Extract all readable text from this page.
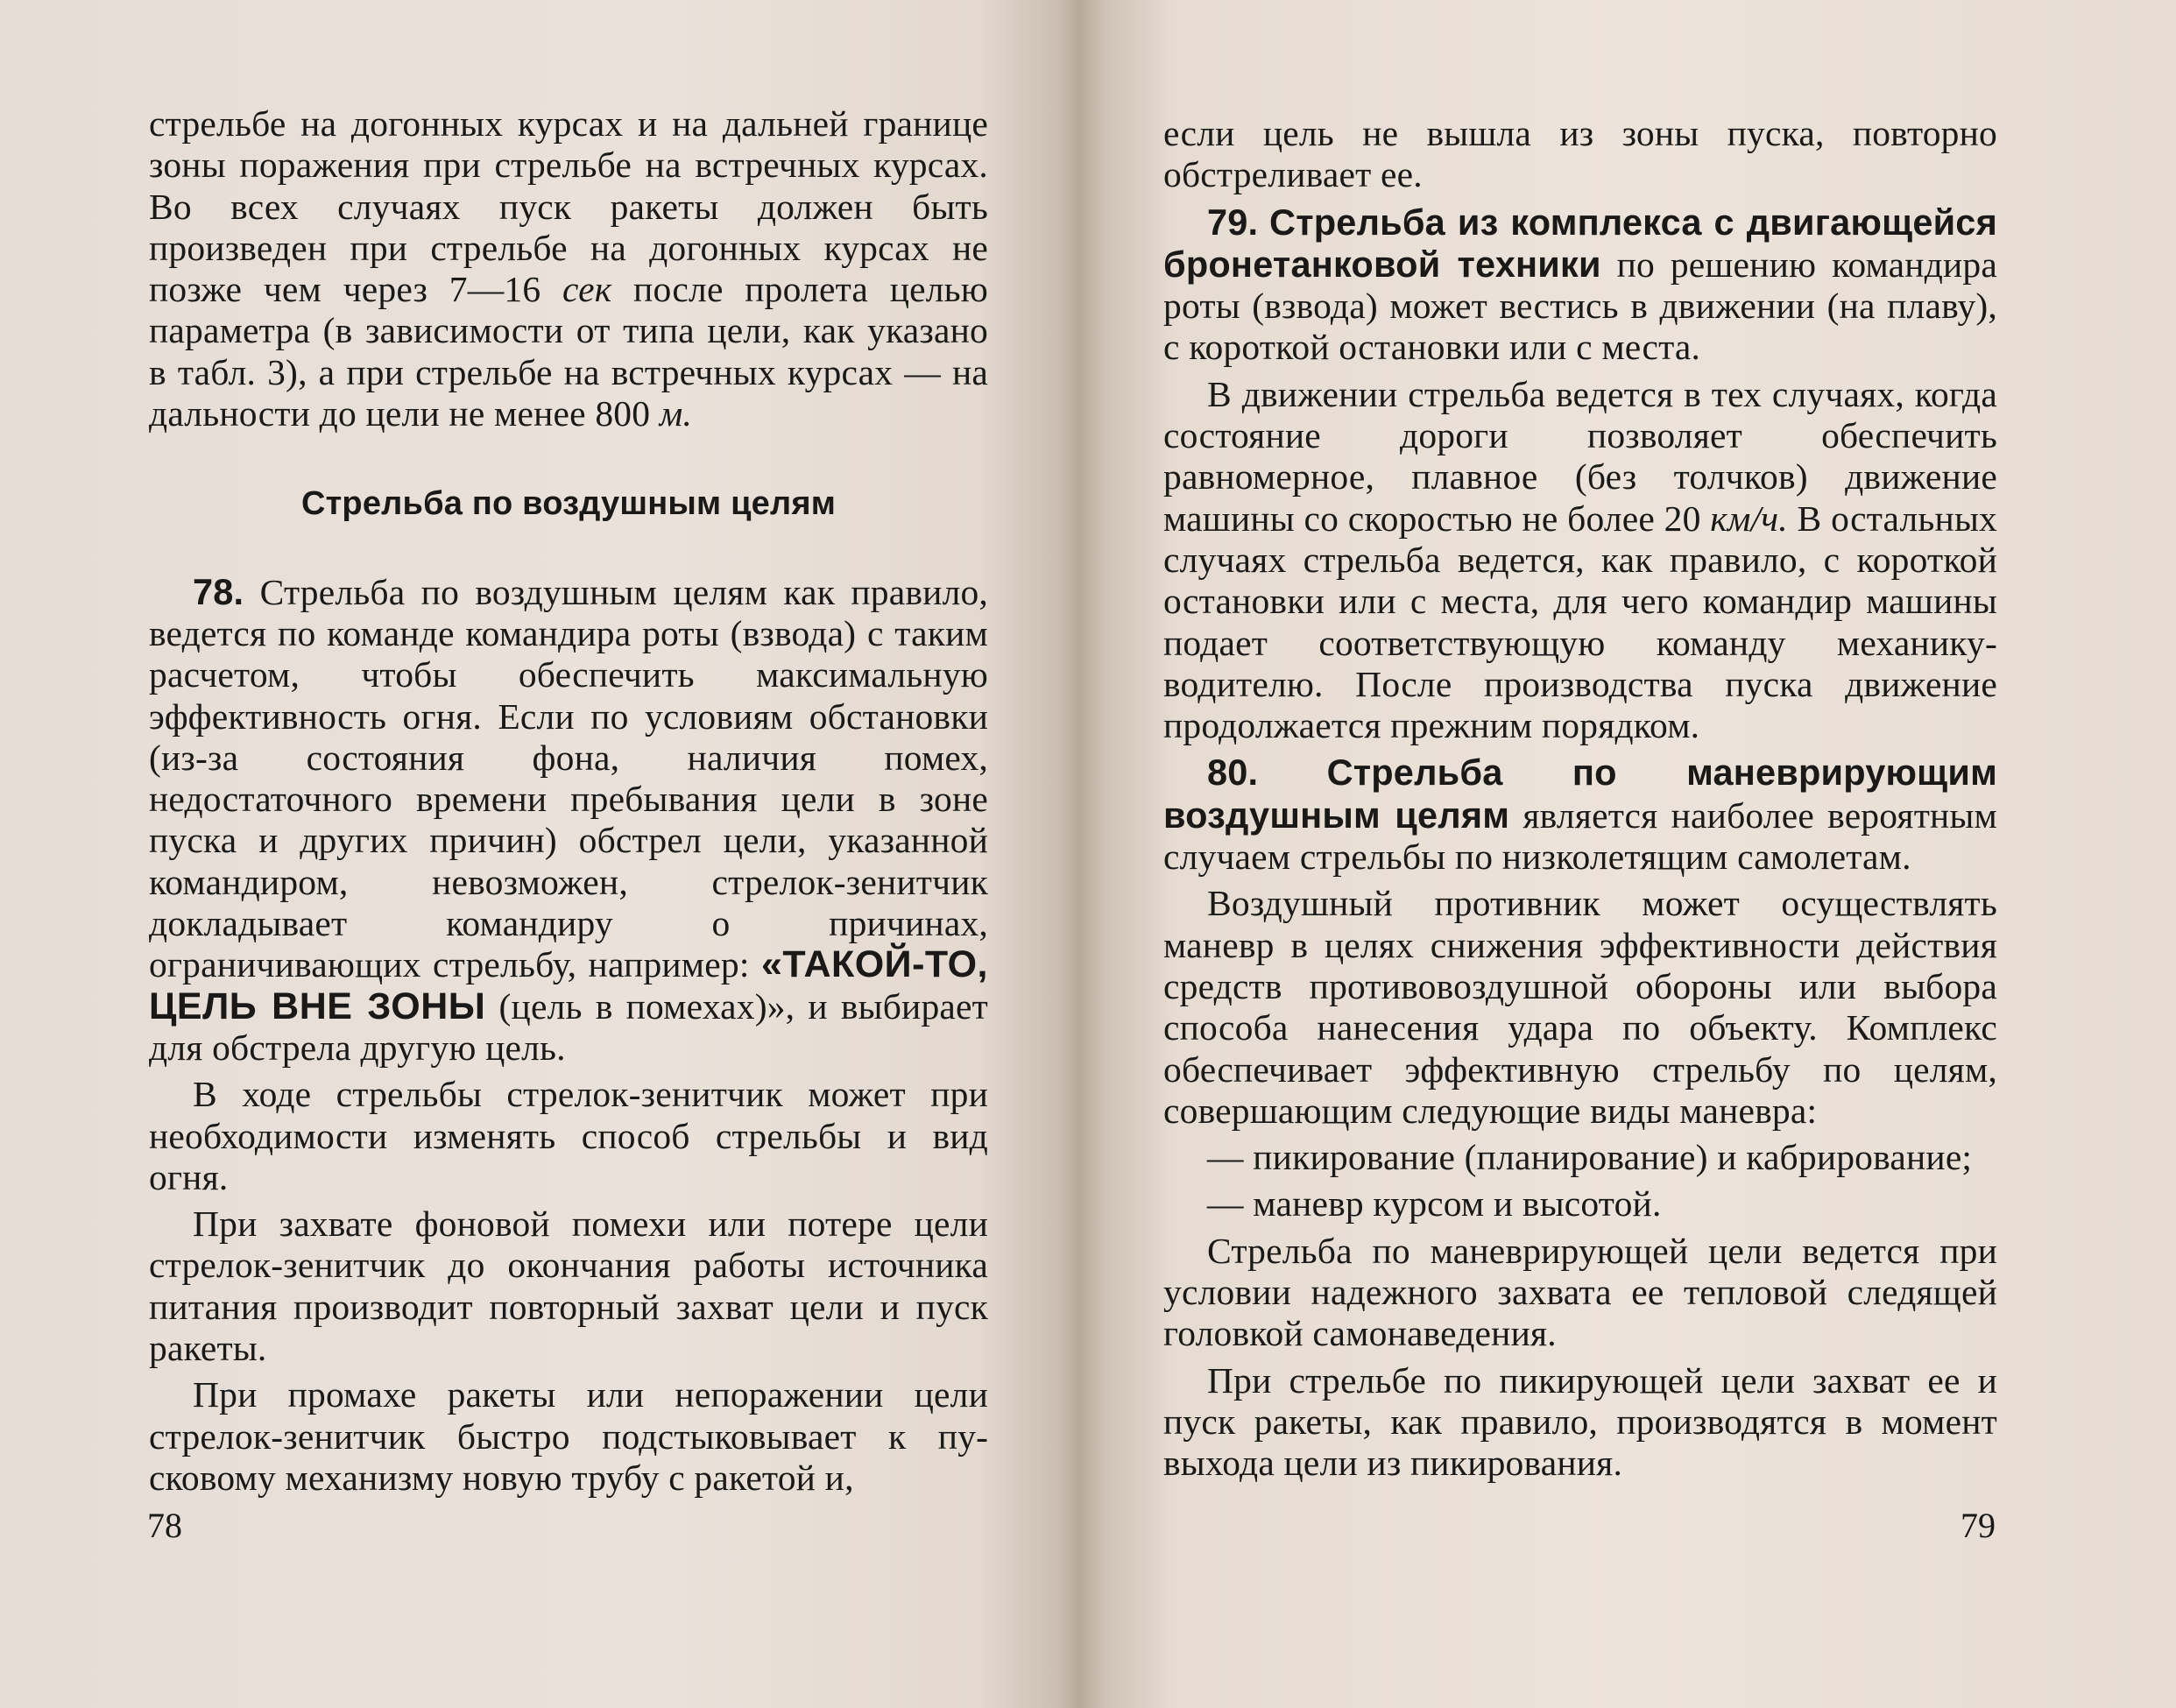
стрельбе на догонных курсах и на дальней границе зоны поражения при стрельбе на встречных курсах. Во всех случаях пуск ракеты должен быть произведен при стрельбе на догонных курсах не позже чем через 7—16 сек после пролета целью параметра (в зависимости от типа цели, как указано в табл. 3), а при стрельбе на встречных курсах — на дальности до цели не менее 800 м.

Стрельба по воздушным целям

78. Стрельба по воздушным целям как правило, ведется по команде командира роты (взвода) с таким расчетом, чтобы обеспечить максимальную эффективность огня. Если по условиям обстановки (из-за состояния фона, наличия помех, недостаточного времени пребывания цели в зоне пуска и других причин) обстрел цели, указанной командиром, невозможен, стрелок-зенитчик докладывает командиру о причинах, ограничивающих стрельбу, например: «ТАКОЙ-ТО, ЦЕЛЬ ВНЕ ЗОНЫ (цель в помехах)», и выбирает для обстрела другую цель.

В ходе стрельбы стрелок-зенитчик может при необходимости изменять способ стрельбы и вид огня.

При захвате фоновой помехи или потере цели стрелок-зенитчик до окончания работы источника питания производит повторный захват цели и пуск ракеты.

При промахе ракеты или непоражении цели стрелок-зенитчик быстро подстыковывает к пусковому механизму новую трубу с ракетой и,

78

если цель не вышла из зоны пуска, повторно обстреливает ее.

79. Стрельба из комплекса с двигающейся бронетанковой техники по решению командира роты (взвода) может вестись в движении (на плаву), с короткой остановки или с места.

В движении стрельба ведется в тех случаях, когда состояние дороги позволяет обеспечить равномерное, плавное (без толчков) движение машины со скоростью не более 20 км/ч. В остальных случаях стрельба ведется, как правило, с короткой остановки или с места, для чего командир машины подает соответствующую команду механику-водителю. После производства пуска движение продолжается прежним порядком.

80. Стрельба по маневрирующим воздушным целям является наиболее вероятным случаем стрельбы по низколетящим самолетам.

Воздушный противник может осуществлять маневр в целях снижения эффективности действия средств противовоздушной обороны или выбора способа нанесения удара по объекту. Комплекс обеспечивает эффективную стрельбу по целям, совершающим следующие виды маневра:

— пикирование (планирование) и кабрирование;

— маневр курсом и высотой.

Стрельба по маневрирующей цели ведется при условии надежного захвата ее тепловой следящей головкой самонаведения.

При стрельбе по пикирующей цели захват ее и пуск ракеты, как правило, производятся в момент выхода цели из пикирования.

79
